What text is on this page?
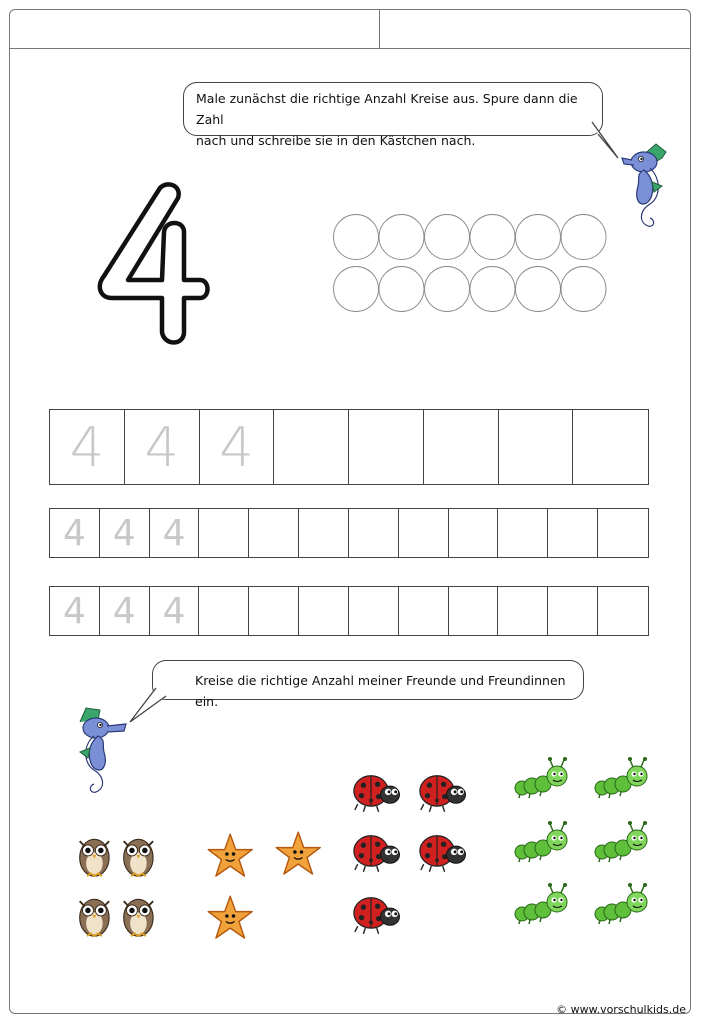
Male zunächst die richtige Anzahl Kreise aus. Spure dann die Zahl
nach und schreibe sie in den Kästchen nach.
4 4 4
4 4 4
4 4 4
Kreise die richtige Anzahl meiner Freunde und Freundinnen ein.
© www.vorschulkids.de
